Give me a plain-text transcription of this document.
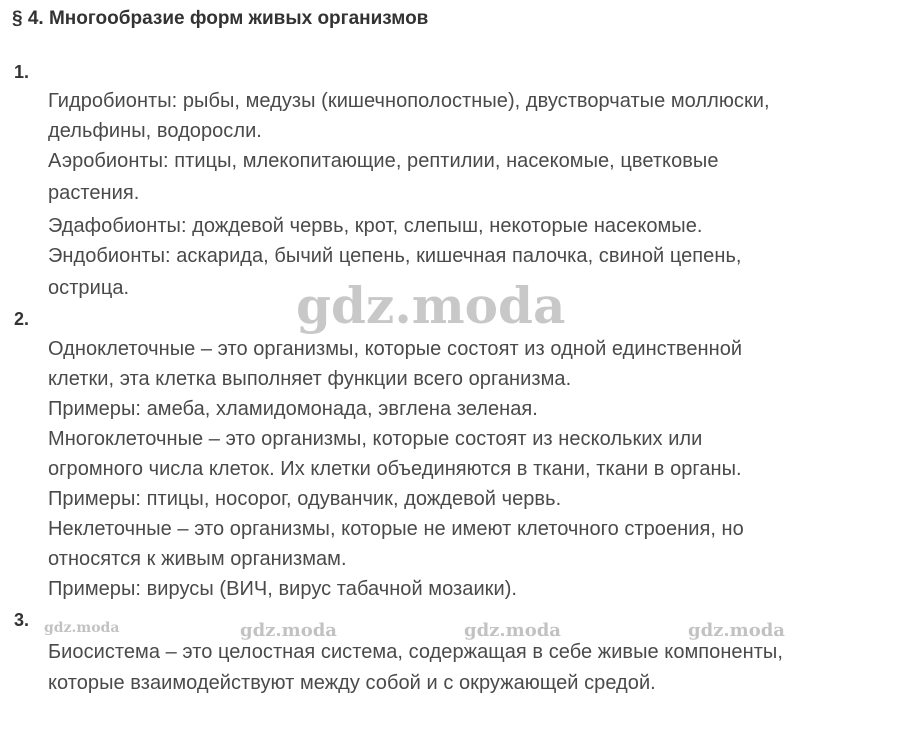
§ 4. Многообразие форм живых организмов
1.
Гидробионты: рыбы, медузы (кишечнополостные), двустворчатые моллюски,
дельфины, водоросли.
Аэробионты: птицы, млекопитающие, рептилии, насекомые, цветковые
растения.
Эдафобионты: дождевой червь, крот, слепыш, некоторые насекомые.
Эндобионты: аскарида, бычий цепень, кишечная палочка, свиной цепень,
острица.
2.
Одноклеточные – это организмы, которые состоят из одной единственной
клетки, эта клетка выполняет функции всего организма.
Примеры: амеба, хламидомонада, эвглена зеленая.
Многоклеточные – это организмы, которые состоят из нескольких или
огромного числа клеток. Их клетки объединяются в ткани, ткани в органы.
Примеры: птицы, носорог, одуванчик, дождевой червь.
Неклеточные – это организмы, которые не имеют клеточного строения, но
относятся к живым организмам.
Примеры: вирусы (ВИЧ, вирус табачной мозаики).
3.
Биосистема – это целостная система, содержащая в себе живые компоненты,
которые взаимодействуют между собой и с окружающей средой.
gdz.moda
gdz.moda	gdz.moda	gdz.moda	gdz.moda
